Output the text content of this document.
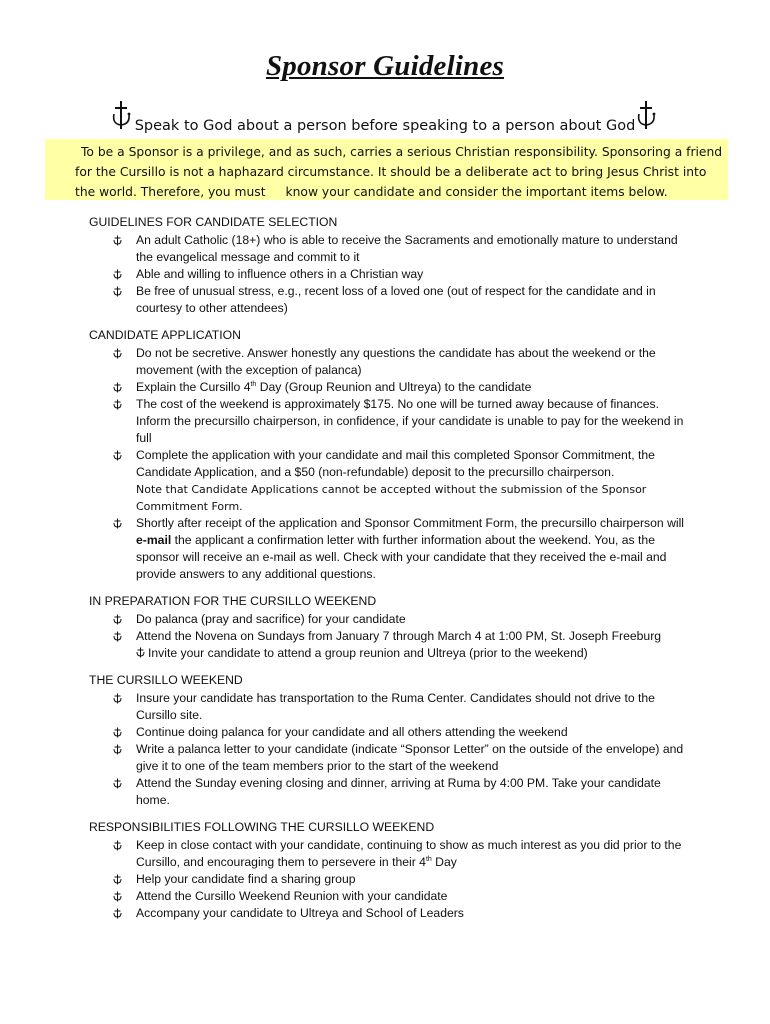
Sponsor Guidelines
Speak to God about a person before speaking to a person about God
To be a Sponsor is a privilege, and as such, carries a serious Christian responsibility. Sponsoring a friend
for the Cursillo is not a haphazard circumstance. It should be a deliberate act to bring Jesus Christ into
the world. Therefore, you must know your candidate and consider the important items below.
GUIDELINES FOR CANDIDATE SELECTION
An adult Catholic (18+) who is able to receive the Sacraments and emotionally mature to understand the evangelical message and commit to it
Able and willing to influence others in a Christian way
Be free of unusual stress, e.g., recent loss of a loved one (out of respect for the candidate and in courtesy to other attendees)
CANDIDATE APPLICATION
Do not be secretive. Answer honestly any questions the candidate has about the weekend or the movement (with the exception of palanca)
Explain the Cursillo 4th Day (Group Reunion and Ultreya) to the candidate
The cost of the weekend is approximately $175. No one will be turned away because of finances. Inform the precursillo chairperson, in confidence, if your candidate is unable to pay for the weekend in full
Complete the application with your candidate and mail this completed Sponsor Commitment, the Candidate Application, and a $50 (non-refundable) deposit to the precursillo chairperson.
Note that Candidate Applications cannot be accepted without the submission of the Sponsor Commitment Form.
Shortly after receipt of the application and Sponsor Commitment Form, the precursillo chairperson will e-mail the applicant a confirmation letter with further information about the weekend. You, as the sponsor will receive an e-mail as well. Check with your candidate that they received the e-mail and provide answers to any additional questions.
IN PREPARATION FOR THE CURSILLO WEEKEND
Do palanca (pray and sacrifice) for your candidate
Attend the Novena on Sundays from January 7 through March 4 at 1:00 PM, St. Joseph Freeburg
Invite your candidate to attend a group reunion and Ultreya (prior to the weekend)
THE CURSILLO WEEKEND
Insure your candidate has transportation to the Ruma Center. Candidates should not drive to the Cursillo site.
Continue doing palanca for your candidate and all others attending the weekend
Write a palanca letter to your candidate (indicate “Sponsor Letter” on the outside of the envelope) and give it to one of the team members prior to the start of the weekend
Attend the Sunday evening closing and dinner, arriving at Ruma by 4:00 PM. Take your candidate home.
RESPONSIBILITIES FOLLOWING THE CURSILLO WEEKEND
Keep in close contact with your candidate, continuing to show as much interest as you did prior to the Cursillo, and encouraging them to persevere in their 4th Day
Help your candidate find a sharing group
Attend the Cursillo Weekend Reunion with your candidate
Accompany your candidate to Ultreya and School of Leaders
